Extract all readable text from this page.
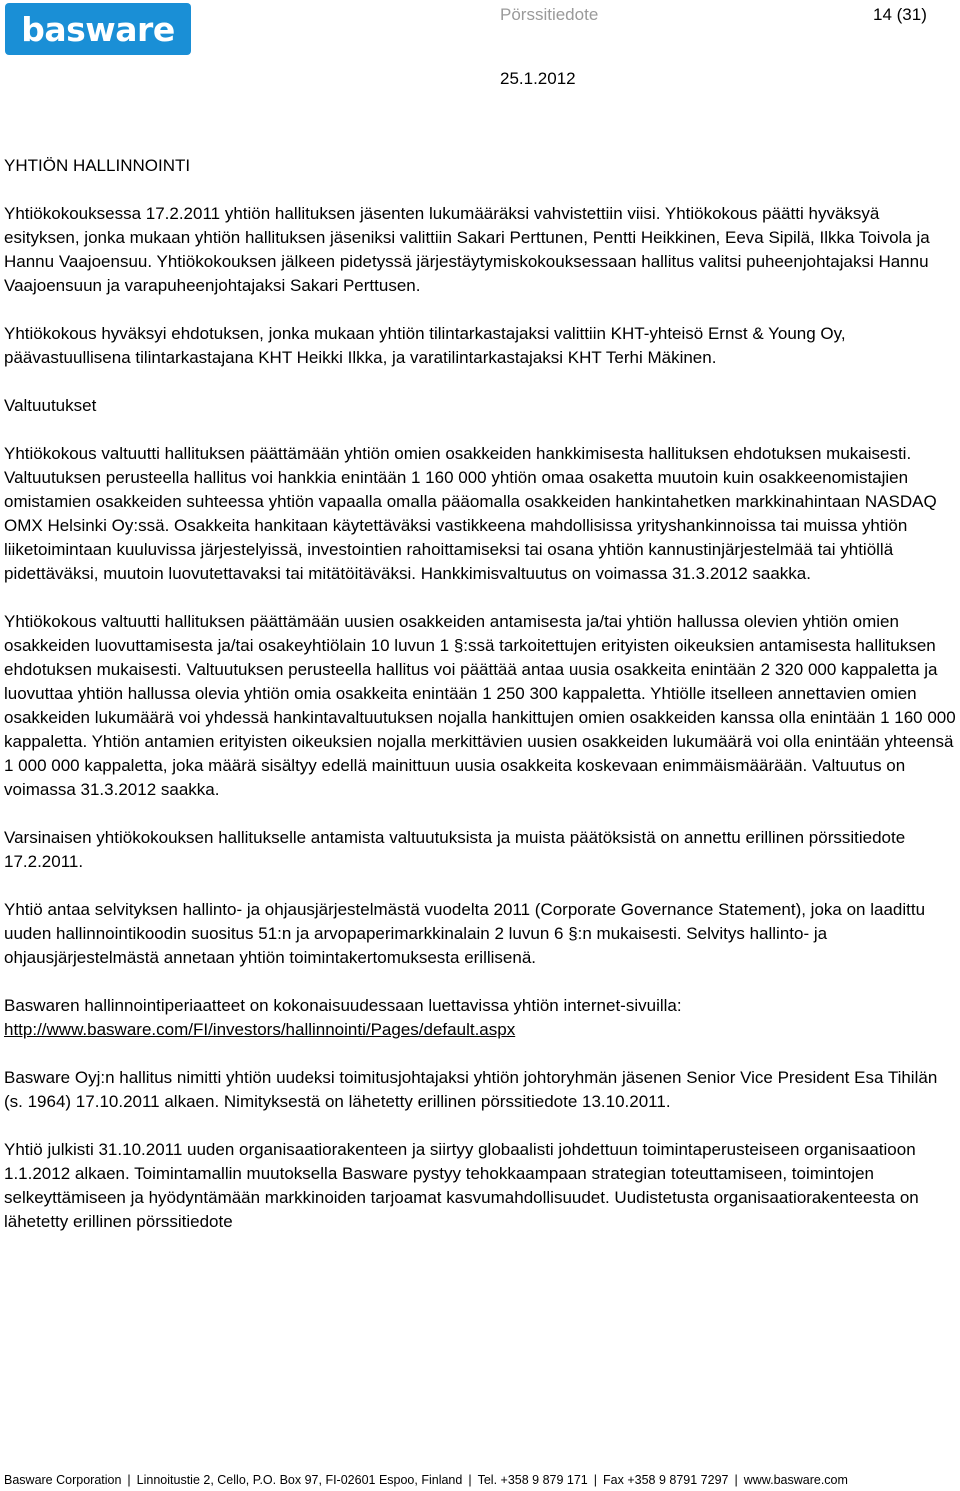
basware	Pörssitiedote	14 (31)
25.1.2012

YHTIÖN HALLINNOINTI

Yhtiökokouksessa 17.2.2011 yhtiön hallituksen jäsenten lukumääräksi vahvistettiin viisi. Yhtiökokous päätti hyväksyä esityksen, jonka mukaan yhtiön hallituksen jäseniksi valittiin Sakari Perttunen, Pentti Heikkinen, Eeva Sipilä, Ilkka Toivola ja Hannu Vaajoensuu. Yhtiökokouksen jälkeen pidetyssä järjestäytymiskokouksessaan hallitus valitsi puheenjohtajaksi Hannu Vaajoensuun ja varapuheenjohtajaksi Sakari Perttusen.

Yhtiökokous hyväksyi ehdotuksen, jonka mukaan yhtiön tilintarkastajaksi valittiin KHT-yhteisö Ernst & Young Oy, päävastuullisena tilintarkastajana KHT Heikki Ilkka, ja varatilintarkastajaksi KHT Terhi Mäkinen.

Valtuutukset

Yhtiökokous valtuutti hallituksen päättämään yhtiön omien osakkeiden hankkimisesta hallituksen ehdotuksen mukaisesti. Valtuutuksen perusteella hallitus voi hankkia enintään 1 160 000 yhtiön omaa osaketta muutoin kuin osakkeenomistajien omistamien osakkeiden suhteessa yhtiön vapaalla omalla pääomalla osakkeiden hankintahetken markkinahintaan NASDAQ OMX Helsinki Oy:ssä. Osakkeita hankitaan käytettäväksi vastikkeena mahdollisissa yrityshankinnoissa tai muissa yhtiön liiketoimintaan kuuluvissa järjestelyissä, investointien rahoittamiseksi tai osana yhtiön kannustinjärjestelmää tai yhtiöllä pidettäväksi, muutoin luovutettavaksi tai mitätöitäväksi. Hankkimisvaltuutus on voimassa 31.3.2012 saakka.

Yhtiökokous valtuutti hallituksen päättämään uusien osakkeiden antamisesta ja/tai yhtiön hallussa olevien yhtiön omien osakkeiden luovuttamisesta ja/tai osakeyhtiölain 10 luvun 1 §:ssä tarkoitettujen erityisten oikeuksien antamisesta hallituksen ehdotuksen mukaisesti. Valtuutuksen perusteella hallitus voi päättää antaa uusia osakkeita enintään 2 320 000 kappaletta ja luovuttaa yhtiön hallussa olevia yhtiön omia osakkeita enintään 1 250 300 kappaletta. Yhtiölle itselleen annettavien omien osakkeiden lukumäärä voi yhdessä hankintavaltuutuksen nojalla hankittujen omien osakkeiden kanssa olla enintään 1 160 000 kappaletta. Yhtiön antamien erityisten oikeuksien nojalla merkittävien uusien osakkeiden lukumäärä voi olla enintään yhteensä 1 000 000 kappaletta, joka määrä sisältyy edellä mainittuun uusia osakkeita koskevaan enimmäismäärään. Valtuutus on voimassa 31.3.2012 saakka.

Varsinaisen yhtiökokouksen hallitukselle antamista valtuutuksista ja muista päätöksistä on annettu erillinen pörssitiedote 17.2.2011.

Yhtiö antaa selvityksen hallinto- ja ohjausjärjestelmästä vuodelta 2011 (Corporate Governance Statement), joka on laadittu uuden hallinnointikoodin suositus 51:n ja arvopaperimarkkinalain 2 luvun 6 §:n mukaisesti. Selvitys hallinto- ja ohjausjärjestelmästä annetaan yhtiön toimintakertomuksesta erillisenä.

Baswaren hallinnointiperiaatteet on kokonaisuudessaan luettavissa yhtiön internet-sivuilla:
http://www.basware.com/FI/investors/hallinnointi/Pages/default.aspx

Basware Oyj:n hallitus nimitti yhtiön uudeksi toimitusjohtajaksi yhtiön johtoryhmän jäsenen Senior Vice President Esa Tihilän (s. 1964) 17.10.2011 alkaen. Nimityksestä on lähetetty erillinen pörssitiedote 13.10.2011.

Yhtiö julkisti 31.10.2011 uuden organisaatiorakenteen ja siirtyy globaalisti johdettuun toimintaperusteiseen organisaatioon 1.1.2012 alkaen. Toimintamallin muutoksella Basware pystyy tehokkaampaan strategian toteuttamiseen, toimintojen selkeyttämiseen ja hyödyntämään markkinoiden tarjoamat kasvumahdollisuudet. Uudistetusta organisaatiorakenteesta on lähetetty erillinen pörssitiedote

Basware Corporation | Linnoitustie 2, Cello, P.O. Box 97, FI-02601 Espoo, Finland | Tel. +358 9 879 171 | Fax +358 9 8791 7297 | www.basware.com
